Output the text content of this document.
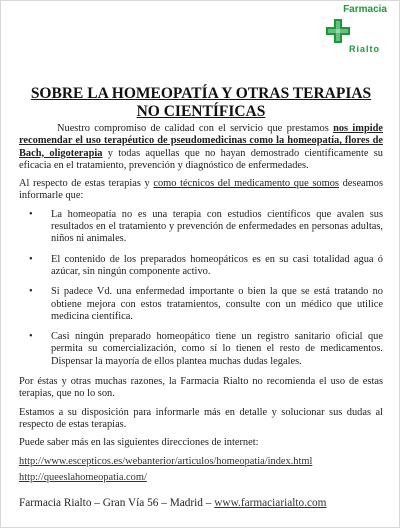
Farmacia
Rialto
SOBRE LA HOMEOPATÍA Y OTRAS TERAPIAS NO CIENTÍFICAS

Nuestro compromiso de calidad con el servicio que prestamos nos impide recomendar el uso terapéutico de pseudomedicinas como la homeopatía, flores de Bach, oligoterapia y todas aquellas que no hayan demostrado científicamente su eficacia en el tratamiento, prevención y diagnóstico de enfermedades.

Al respecto de estas terapias y como técnicos del medicamento que somos deseamos informarle que:

• La homeopatía no es una terapia con estudios científicos que avalen sus resultados en el tratamiento y prevención de enfermedades en personas adultas, niños ni animales.
• El contenido de los preparados homeopáticos es en su casi totalidad agua ó azúcar, sin ningún componente activo.
• Si padece Vd. una enfermedad importante o bien la que se está tratando no obtiene mejora con estos tratamientos, consulte con un médico que utilice medicina científica.
• Casi ningún preparado homeopático tiene un registro sanitario oficial que permita su comercialización, como sí lo tienen el resto de medicamentos. Dispensar la mayoría de ellos plantea muchas dudas legales.

Por éstas y otras muchas razones, la Farmacia Rialto no recomienda el uso de estas terapias, que no lo son.

Estamos a su disposición para informarle más en detalle y solucionar sus dudas al respecto de estas terapias.

Puede saber más en las siguientes direcciones de internet:

http://www.escepticos.es/webanterior/articulos/homeopatia/index.html

http://queeslahomeopatia.com/

Farmacia Rialto – Gran Vía 56 – Madrid – www.farmaciarialto.com
